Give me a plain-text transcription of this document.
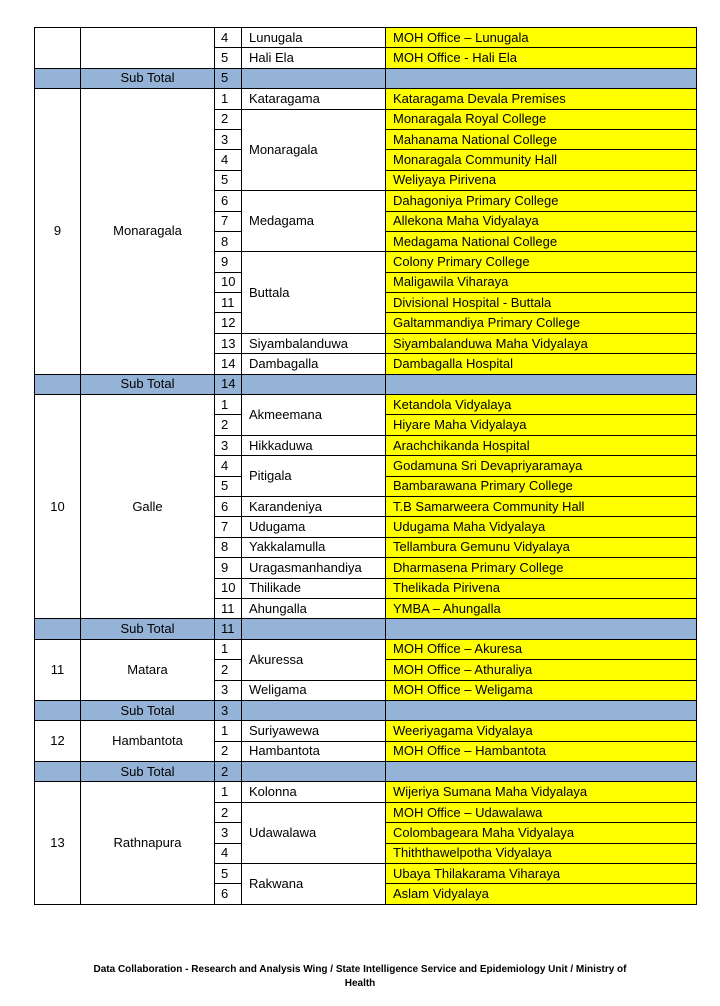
		4	Lunugala	MOH Office – Lunugala
		5	Hali Ela	MOH Office - Hali Ela
	Sub Total	5		
9	Monaragala	1	Kataragama	Kataragama Devala Premises
		2	Monaragala	Monaragala Royal College
		3		Mahanama National College
		4		Monaragala Community Hall
		5		Weliyaya Pirivena
		6	Medagama	Dahagoniya Primary College
		7		Allekona Maha Vidyalaya
		8		Medagama National College
		9	Buttala	Colony Primary College
		10		Maligawila Viharaya
		11		Divisional Hospital - Buttala
		12		Galtammandiya Primary College
		13	Siyambalanduwa	Siyambalanduwa Maha Vidyalaya
		14	Dambagalla	Dambagalla Hospital
	Sub Total	14		
10	Galle	1	Akmeemana	Ketandola Vidyalaya
		2		Hiyare Maha Vidyalaya
		3	Hikkaduwa	Arachchikanda Hospital
		4	Pitigala	Godamuna Sri Devapriyaramaya
		5		Bambarawana Primary College
		6	Karandeniya	T.B Samarweera Community Hall
		7	Udugama	Udugama Maha Vidyalaya
		8	Yakkalamulla	Tellambura Gemunu Vidyalaya
		9	Uragasmanhandiya	Dharmasena Primary College
		10	Thilikade	Thelikada Pirivena
		11	Ahungalla	YMBA – Ahungalla
	Sub Total	11		
11	Matara	1	Akuressa	MOH Office – Akuresa
		2		MOH Office – Athuraliya
		3	Weligama	MOH Office – Weligama
	Sub Total	3		
12	Hambantota	1	Suriyawewa	Weeriyagama Vidyalaya
		2	Hambantota	MOH Office – Hambantota
	Sub Total	2		
13	Rathnapura	1	Kolonna	Wijeriya Sumana Maha Vidyalaya
		2	Udawalawa	MOH Office – Udawalawa
		3		Colombageara Maha Vidyalaya
		4		Thiththawelpotha Vidyalaya
		5	Rakwana	Ubaya Thilakarama Viharaya
		6		Aslam Vidyalaya
Data Collaboration - Research and Analysis Wing / State Intelligence Service and Epidemiology Unit / Ministry of
Health
